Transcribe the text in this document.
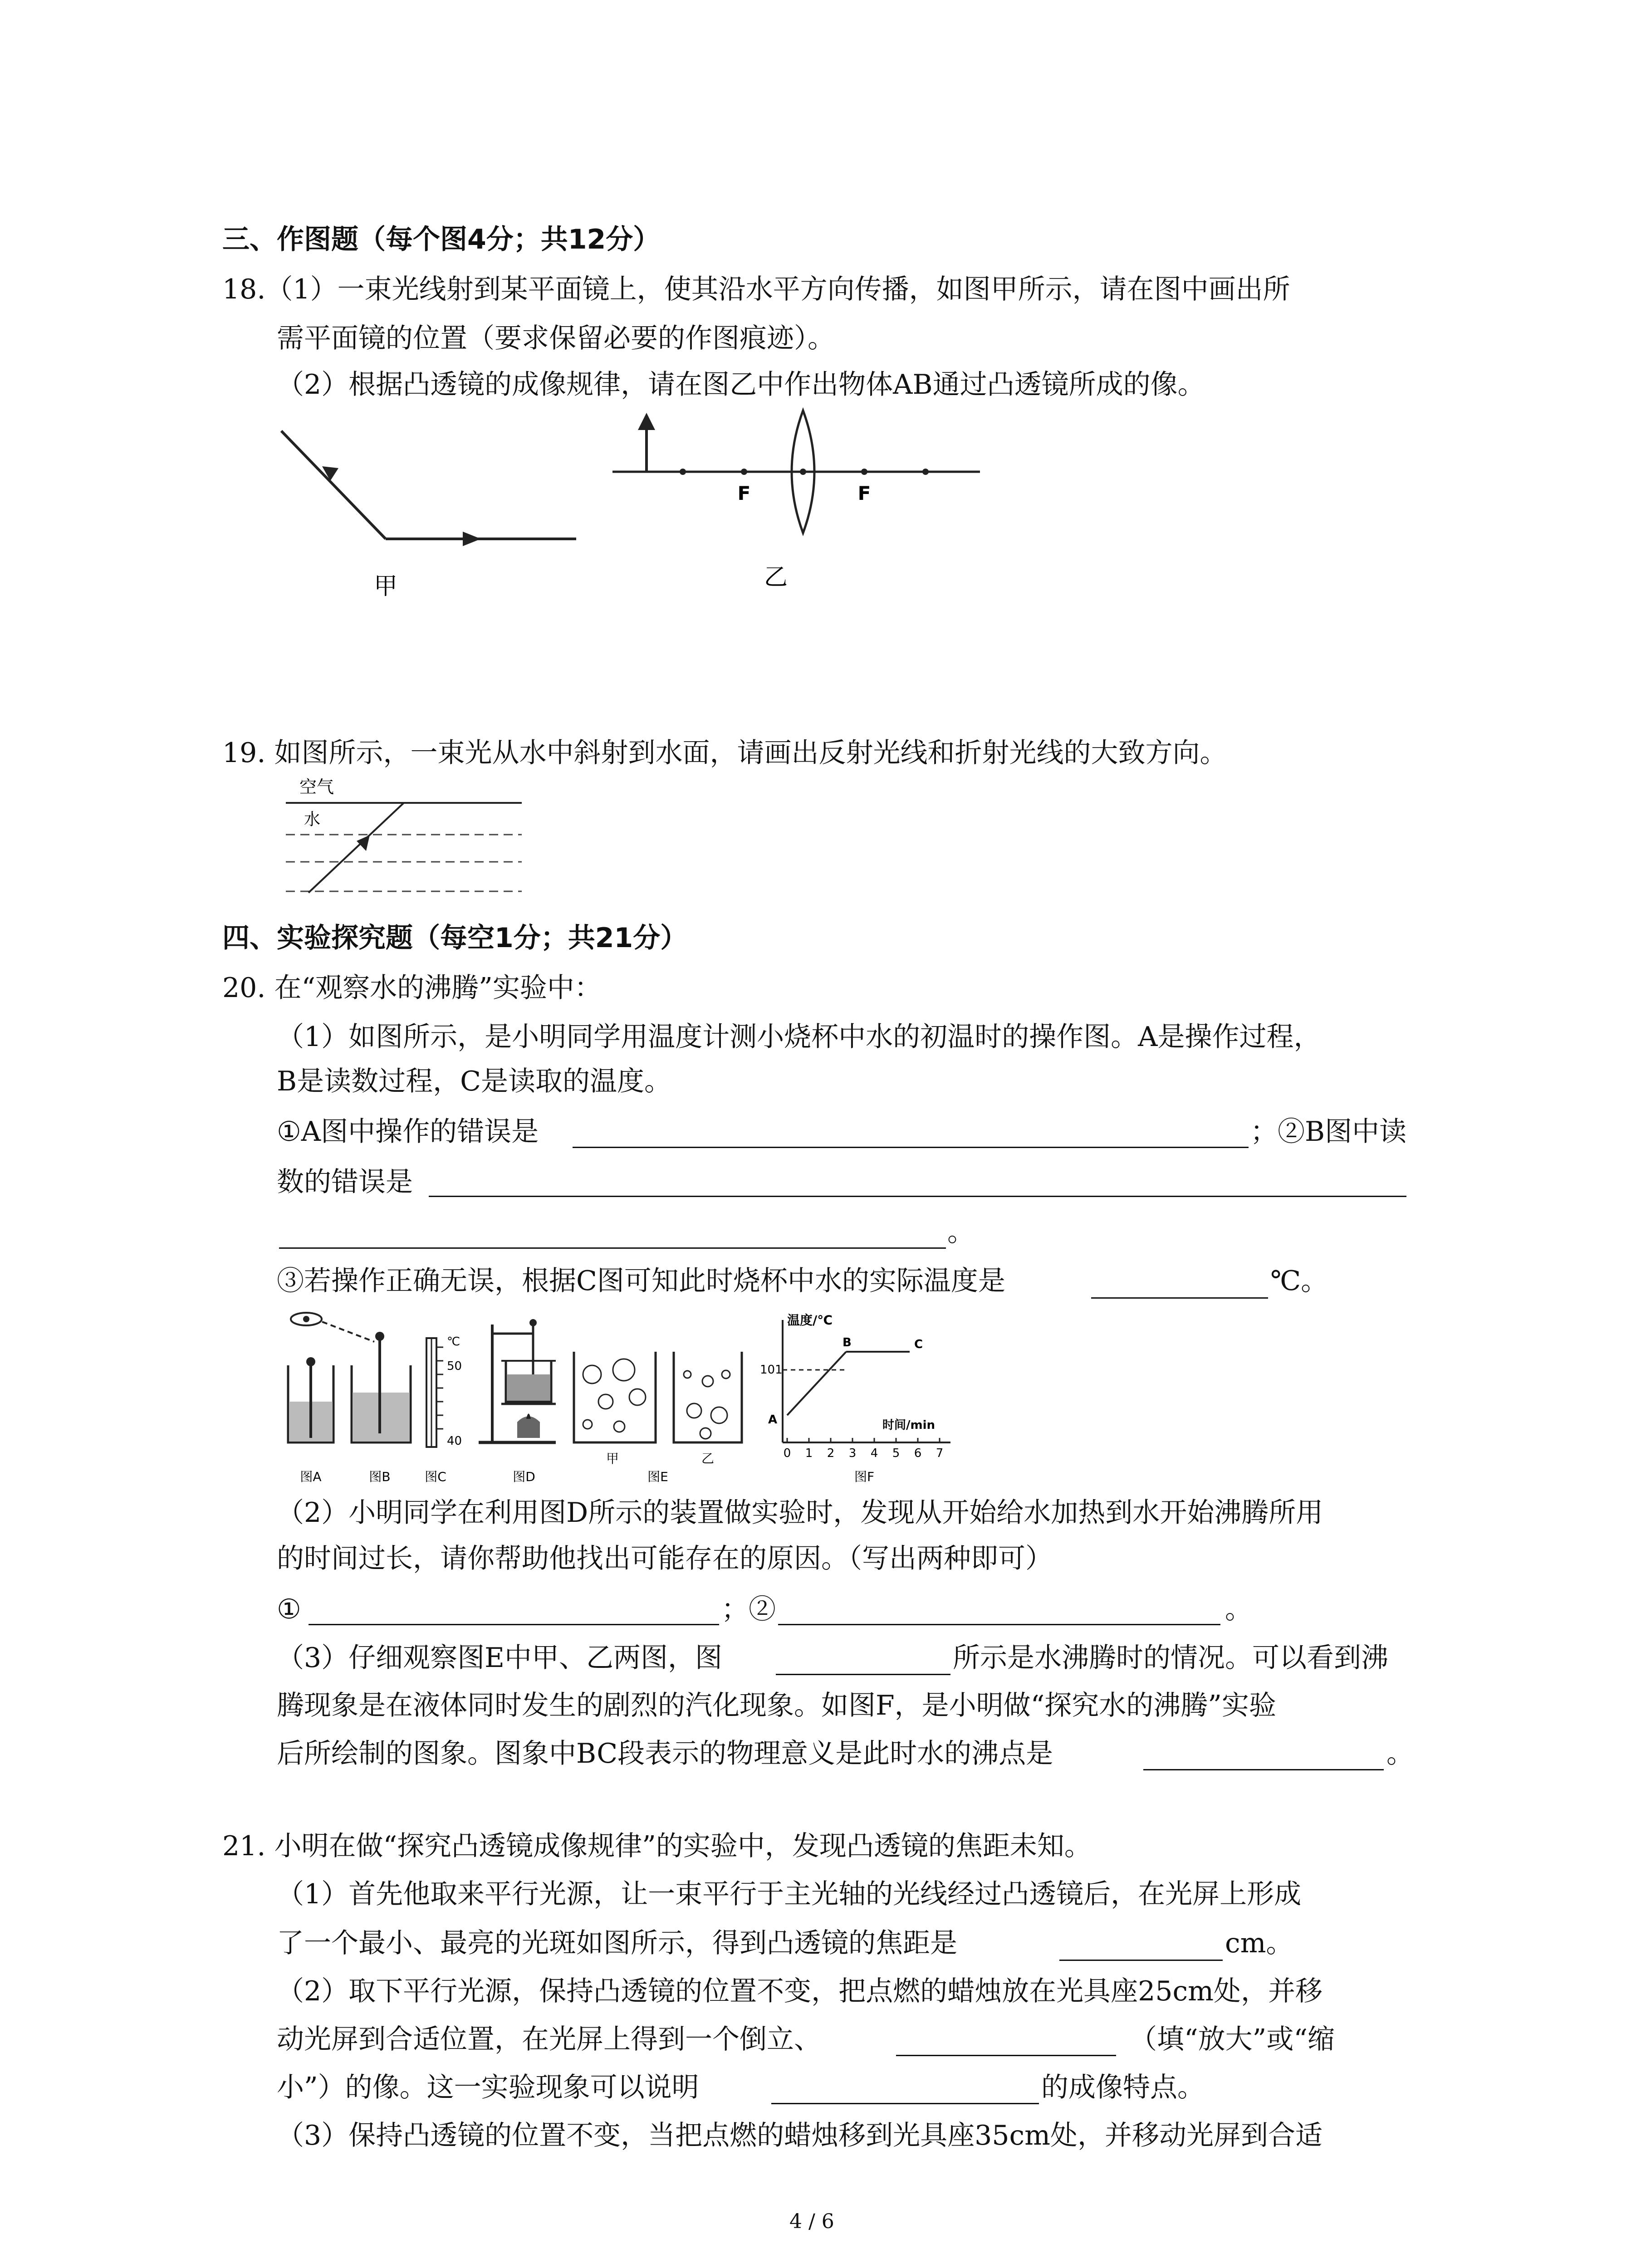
三、作图题（每个图4分；共12分）
18.（1）一束光线射到某平面镜上，使其沿水平方向传播，如图甲所示，请在图中画出所
需平面镜的位置（要求保留必要的作图痕迹）。
（2）根据凸透镜的成像规律，请在图乙中作出物体AB通过凸透镜所成的像。
甲
F	F
乙
19. 如图所示，一束光从水中斜射到水面，请画出反射光线和折射光线的大致方向。
空气
水
四、实验探究题（每空1分；共21分）
20. 在“观察水的沸腾”实验中：
（1）如图所示，是小明同学用温度计测小烧杯中水的初温时的操作图。A是操作过程，
B是读数过程，C是读取的温度。
①A图中操作的错误是	；②B图中读
数的错误是
。
③若操作正确无误，根据C图可知此时烧杯中水的实际温度是	℃。
℃
50
40
甲	乙
温度/℃
时间/min
101
A
B	C
0 1 2 3 4 5 6 7
图A	图B	图C	图D	图E	图F
（2）小明同学在利用图D所示的装置做实验时，发现从开始给水加热到水开始沸腾所用
的时间过长，请你帮助他找出可能存在的原因。（写出两种即可）
①	；②	。
（3）仔细观察图E中甲、乙两图，图	所示是水沸腾时的情况。可以看到沸
腾现象是在液体同时发生的剧烈的汽化现象。如图F，是小明做“探究水的沸腾”实验
后所绘制的图象。图象中BC段表示的物理意义是此时水的沸点是	。
21. 小明在做“探究凸透镜成像规律”的实验中，发现凸透镜的焦距未知。
（1）首先他取来平行光源，让一束平行于主光轴的光线经过凸透镜后，在光屏上形成
了一个最小、最亮的光斑如图所示，得到凸透镜的焦距是	cm。
（2）取下平行光源，保持凸透镜的位置不变，把点燃的蜡烛放在光具座25cm处，并移
动光屏到合适位置，在光屏上得到一个倒立、	（填“放大”或“缩
小”）的像。这一实验现象可以说明	的成像特点。
（3）保持凸透镜的位置不变，当把点燃的蜡烛移到光具座35cm处，并移动光屏到合适
4 / 6
